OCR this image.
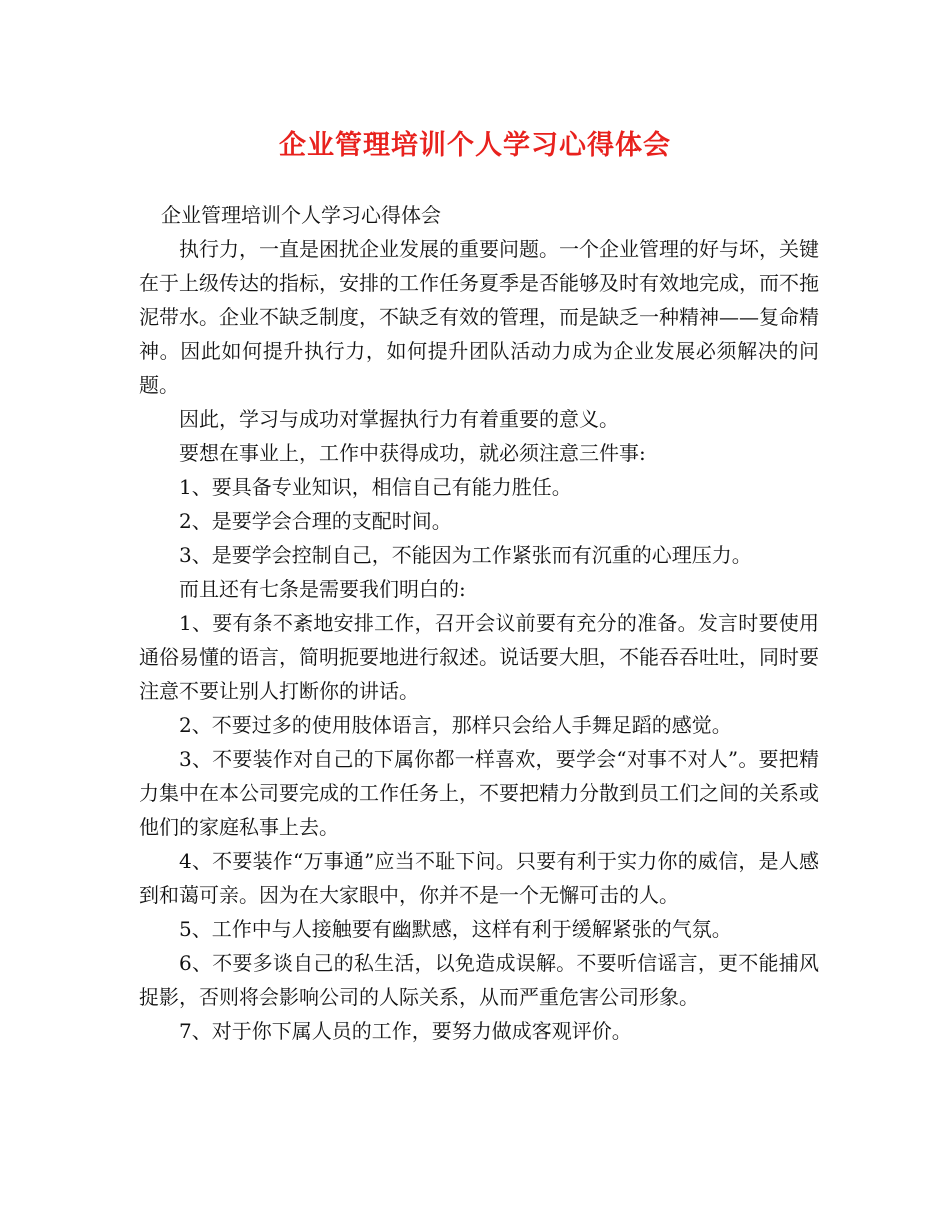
企业管理培训个人学习心得体会

企业管理培训个人学习心得体会

执行力，一直是困扰企业发展的重要问题。一个企业管理的好与坏，关键在于上级传达的指标，安排的工作任务夏季是否能够及时有效地完成，而不拖泥带水。企业不缺乏制度，不缺乏有效的管理，而是缺乏一种精神——复命精神。因此如何提升执行力，如何提升团队活动力成为企业发展必须解决的问题。

因此，学习与成功对掌握执行力有着重要的意义。

要想在事业上，工作中获得成功，就必须注意三件事:

1、要具备专业知识，相信自己有能力胜任。

2、是要学会合理的支配时间。

3、是要学会控制自己，不能因为工作紧张而有沉重的心理压力。

而且还有七条是需要我们明白的:

1、要有条不紊地安排工作，召开会议前要有充分的准备。发言时要使用通俗易懂的语言，简明扼要地进行叙述。说话要大胆，不能吞吞吐吐，同时要注意不要让别人打断你的讲话。

2、不要过多的使用肢体语言，那样只会给人手舞足蹈的感觉。

3、不要装作对自己的下属你都一样喜欢，要学会“对事不对人”。要把精力集中在本公司要完成的工作任务上，不要把精力分散到员工们之间的关系或他们的家庭私事上去。

4、不要装作“万事通”应当不耻下问。只要有利于实力你的威信，是人感到和蔼可亲。因为在大家眼中，你并不是一个无懈可击的人。

5、工作中与人接触要有幽默感，这样有利于缓解紧张的气氛。

6、不要多谈自己的私生活，以免造成误解。不要听信谣言，更不能捕风捉影，否则将会影响公司的人际关系，从而严重危害公司形象。

7、对于你下属人员的工作，要努力做成客观评价。
